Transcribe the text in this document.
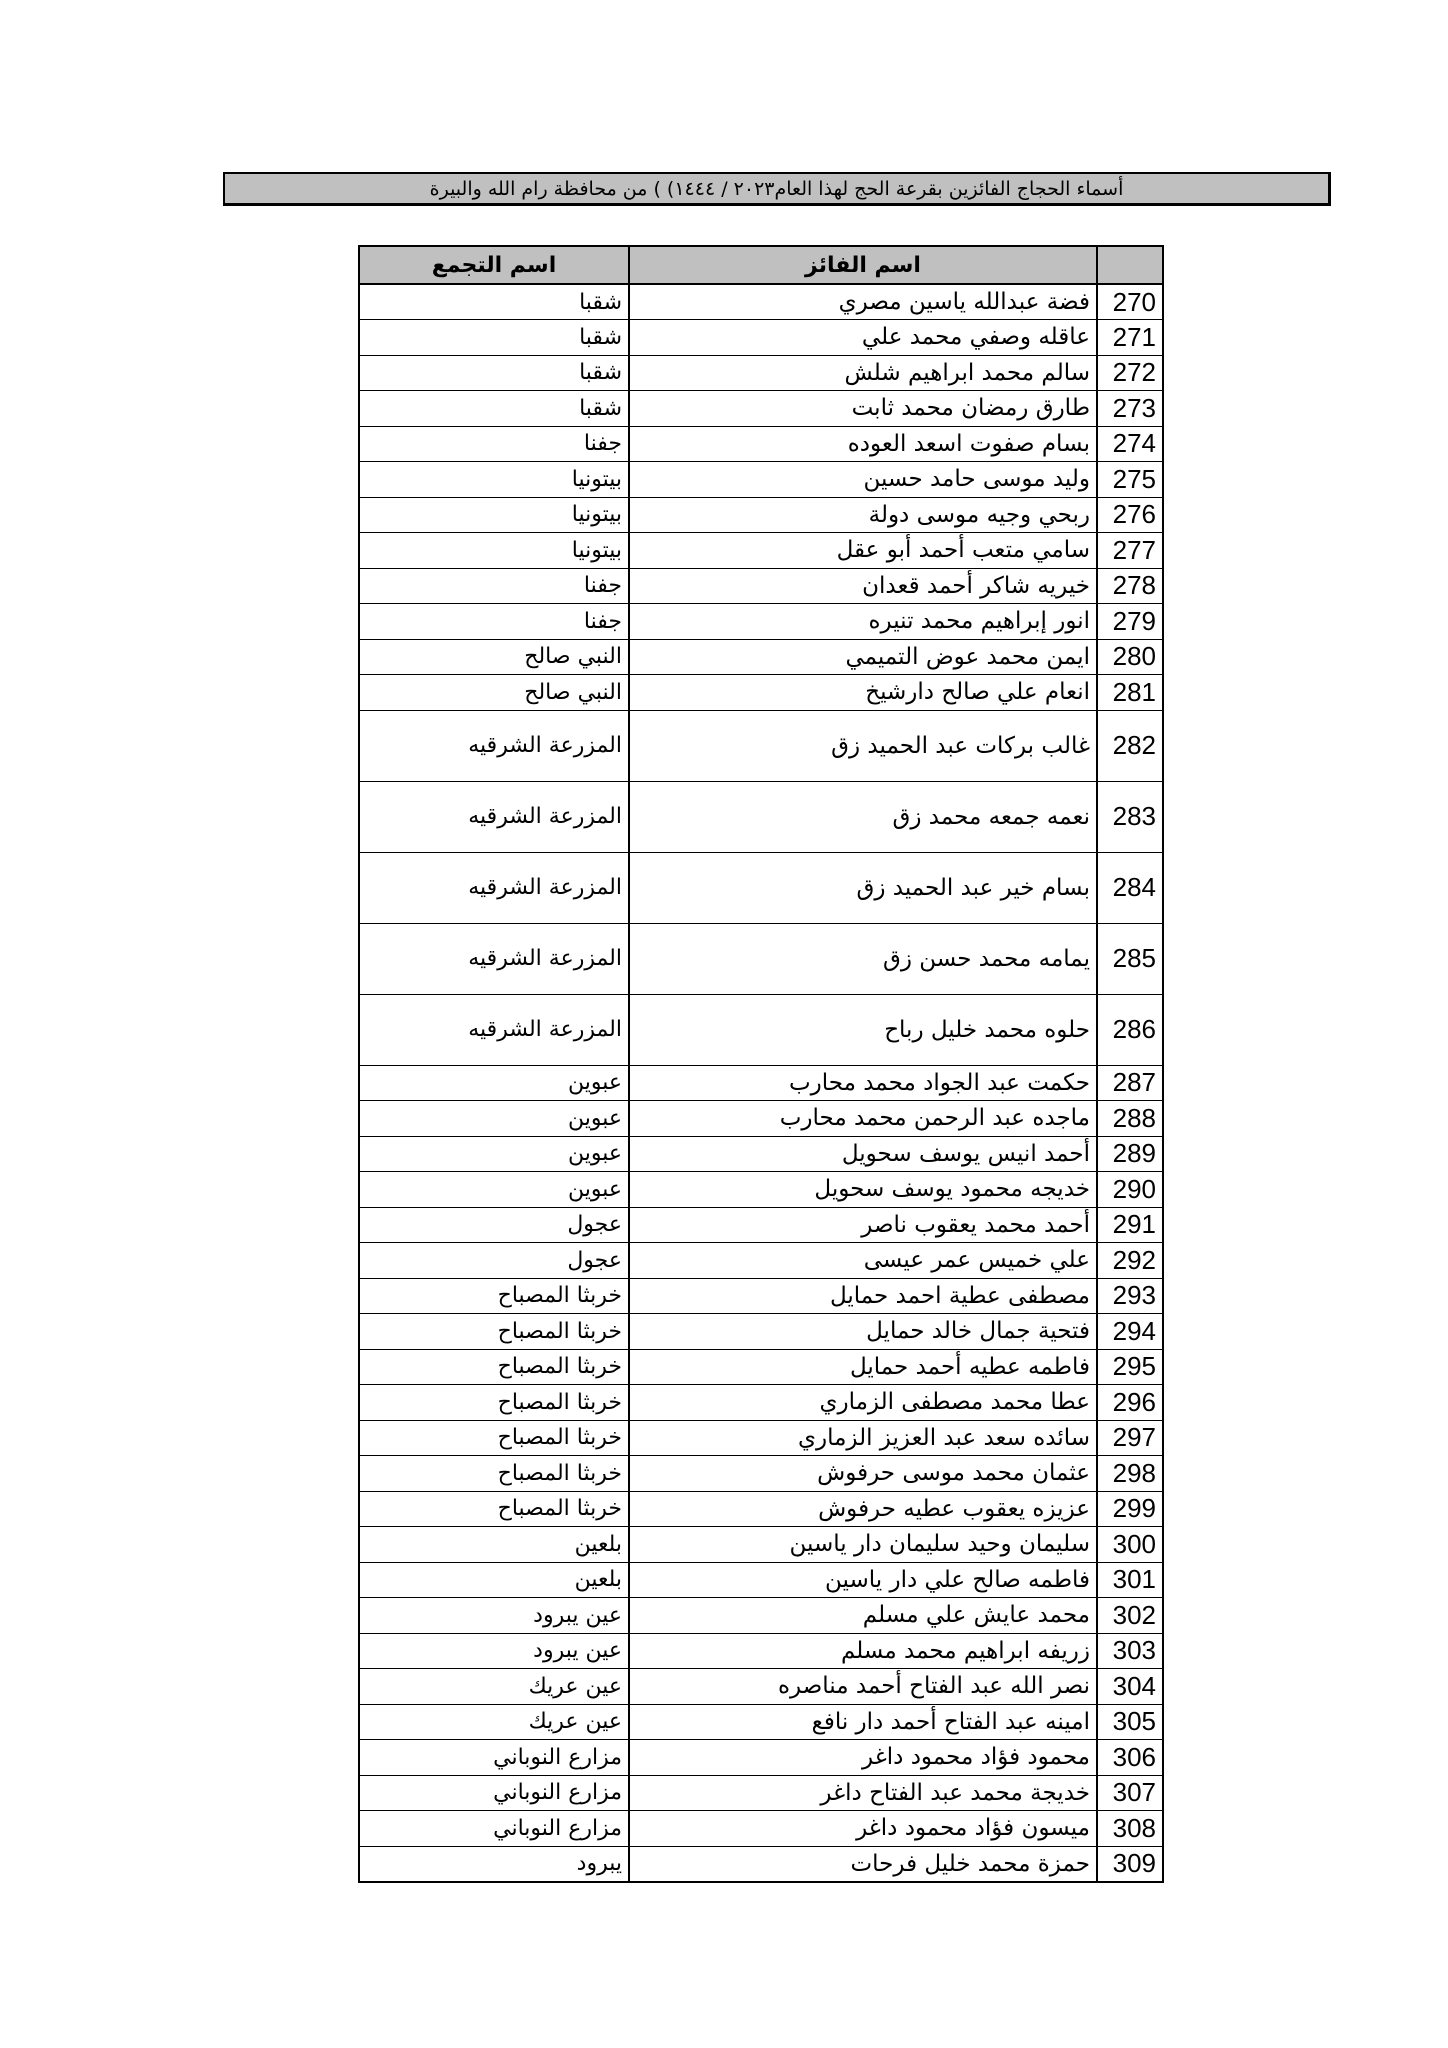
أسماء الحجاج الفائزين بقرعة الحج لهذا العام٢٠٢٣ / ١٤٤٤) ) من محافظة رام الله والبيرة
	اسم الفائز	اسم التجمع
270	فضة عبدالله ياسين مصري	شقبا
271	عاقله وصفي محمد علي	شقبا
272	سالم محمد ابراهيم شلش	شقبا
273	طارق رمضان محمد ثابت	شقبا
274	بسام صفوت اسعد العوده	جفنا
275	وليد موسى حامد حسين	بيتونيا
276	ربحي وجيه موسى دولة	بيتونيا
277	سامي متعب أحمد أبو عقل	بيتونيا
278	خيريه شاكر أحمد قعدان	جفنا
279	انور إبراهيم محمد تنيره	جفنا
280	ايمن محمد عوض التميمي	النبي صالح
281	انعام علي صالح دارشيخ	النبي صالح
282	غالب بركات عبد الحميد زق	المزرعة الشرقيه
283	نعمه جمعه محمد زق	المزرعة الشرقيه
284	بسام خير عبد الحميد زق	المزرعة الشرقيه
285	يمامه محمد حسن زق	المزرعة الشرقيه
286	حلوه محمد خليل رباح	المزرعة الشرقيه
287	حكمت عبد الجواد محمد محارب	عبوين
288	ماجده عبد الرحمن محمد محارب	عبوين
289	أحمد انيس يوسف سحويل	عبوين
290	خديجه محمود يوسف سحويل	عبوين
291	أحمد محمد يعقوب ناصر	عجول
292	علي خميس عمر عيسى	عجول
293	مصطفى عطية احمد حمايل	خربثا المصباح
294	فتحية جمال خالد حمايل	خربثا المصباح
295	فاطمه عطيه أحمد حمايل	خربثا المصباح
296	عطا محمد مصطفى الزماري	خربثا المصباح
297	سائده سعد عبد العزيز الزماري	خربثا المصباح
298	عثمان محمد موسى حرفوش	خربثا المصباح
299	عزيزه يعقوب عطيه حرفوش	خربثا المصباح
300	سليمان وحيد سليمان دار ياسين	بلعين
301	فاطمه صالح علي دار ياسين	بلعين
302	محمد عايش علي مسلم	عين يبرود
303	زريفه ابراهيم محمد مسلم	عين يبرود
304	نصر الله عبد الفتاح أحمد مناصره	عين عريك
305	امينه عبد الفتاح أحمد دار نافع	عين عريك
306	محمود فؤاد محمود داغر	مزارع النوباني
307	خديجة محمد عبد الفتاح داغر	مزارع النوباني
308	ميسون فؤاد محمود داغر	مزارع النوباني
309	حمزة محمد خليل فرحات	يبرود
